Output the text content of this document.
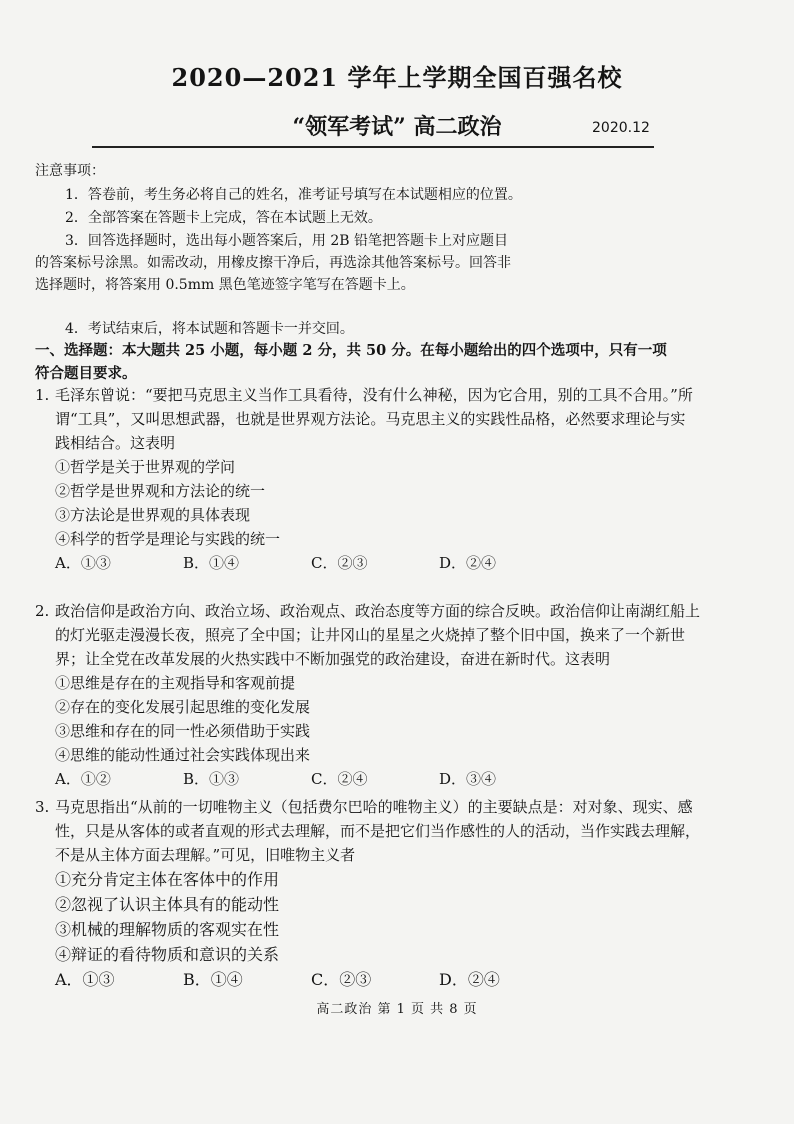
2020—2021 学年上学期全国百强名校
“领军考试” 高二政治	2020.12
注意事项：
1．答卷前，考生务必将自己的姓名，准考证号填写在本试题相应的位置。
2．全部答案在答题卡上完成，答在本试题上无效。
3．回答选择题时，选出每小题答案后，用 2B 铅笔把答题卡上对应题目的答案标号涂黑。如需改动，用橡皮擦干净后，再选涂其他答案标号。回答非选择题时，将答案用 0.5mm 黑色笔迹签字笔写在答题卡上。
4．考试结束后，将本试题和答题卡一并交回。
一、选择题：本大题共 25 小题，每小题 2 分，共 50 分。在每小题给出的四个选项中，只有一项符合题目要求。
1. 毛泽东曾说：“要把马克思主义当作工具看待，没有什么神秘，因为它合用，别的工具不合用。”所谓“工具”，又叫思想武器，也就是世界观方法论。马克思主义的实践性品格，必然要求理论与实践相结合。这表明
①哲学是关于世界观的学问
②哲学是世界观和方法论的统一
③方法论是世界观的具体表现
④科学的哲学是理论与实践的统一
A．①③	B．①④	C．②③	D．②④
2. 政治信仰是政治方向、政治立场、政治观点、政治态度等方面的综合反映。政治信仰让南湖红船上的灯光驱走漫漫长夜，照亮了全中国；让井冈山的星星之火烧掉了整个旧中国，换来了一个新世界；让全党在改革发展的火热实践中不断加强党的政治建设，奋进在新时代。这表明
①思维是存在的主观指导和客观前提
②存在的变化发展引起思维的变化发展
③思维和存在的同一性必须借助于实践
④思维的能动性通过社会实践体现出来
A．①②	B．①③	C．②④	D．③④
3. 马克思指出“从前的一切唯物主义（包括费尔巴哈的唯物主义）的主要缺点是：对对象、现实、感性，只是从客体的或者直观的形式去理解，而不是把它们当作感性的人的活动，当作实践去理解，不是从主体方面去理解。”可见，旧唯物主义者
①充分肯定主体在客体中的作用
②忽视了认识主体具有的能动性
③机械的理解物质的客观实在性
④辩证的看待物质和意识的关系
A．①③	B．①④	C．②③	D．②④
高二政治 第 1 页 共 8 页
